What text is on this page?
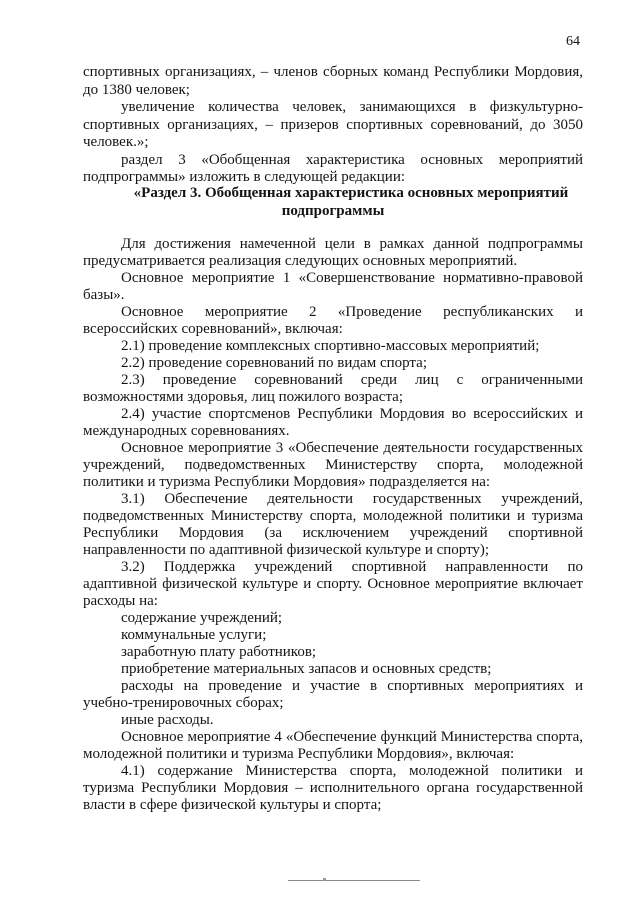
64
спортивных организациях, – членов сборных команд Республики Мордовия,
до 1380 человек;
увеличение количества человек, занимающихся в физкультурно-
спортивных организациях, – призеров спортивных соревнований, до 3050
человек.»;
раздел 3 «Обобщенная характеристика основных мероприятий
подпрограммы» изложить в следующей редакции:
«Раздел 3. Обобщенная характеристика основных мероприятий
подпрограммы
Для достижения намеченной цели в рамках данной подпрограммы
предусматривается реализация следующих основных мероприятий.
Основное мероприятие 1 «Совершенствование нормативно-правовой
базы».
Основное мероприятие 2 «Проведение республиканских и
всероссийских соревнований», включая:
2.1) проведение комплексных спортивно-массовых мероприятий;
2.2) проведение соревнований по видам спорта;
2.3) проведение соревнований среди лиц с ограниченными
возможностями здоровья, лиц пожилого возраста;
2.4) участие спортсменов Республики Мордовия во всероссийских и
международных соревнованиях.
Основное мероприятие 3 «Обеспечение деятельности государственных
учреждений, подведомственных Министерству спорта, молодежной
политики и туризма Республики Мордовия» подразделяется на:
3.1) Обеспечение деятельности государственных учреждений,
подведомственных Министерству спорта, молодежной политики и туризма
Республики Мордовия (за исключением учреждений спортивной
направленности по адаптивной физической культуре и спорту);
3.2) Поддержка учреждений спортивной направленности по
адаптивной физической культуре и спорту. Основное мероприятие включает
расходы на:
содержание учреждений;
коммунальные услуги;
заработную плату работников;
приобретение материальных запасов и основных средств;
расходы на проведение и участие в спортивных мероприятиях и
учебно-тренировочных сборах;
иные расходы.
Основное мероприятие 4 «Обеспечение функций Министерства спорта,
молодежной политики и туризма Республики Мордовия», включая:
4.1) содержание Министерства спорта, молодежной политики и
туризма Республики Мордовия – исполнительного органа государственной
власти в сфере физической культуры и спорта;
